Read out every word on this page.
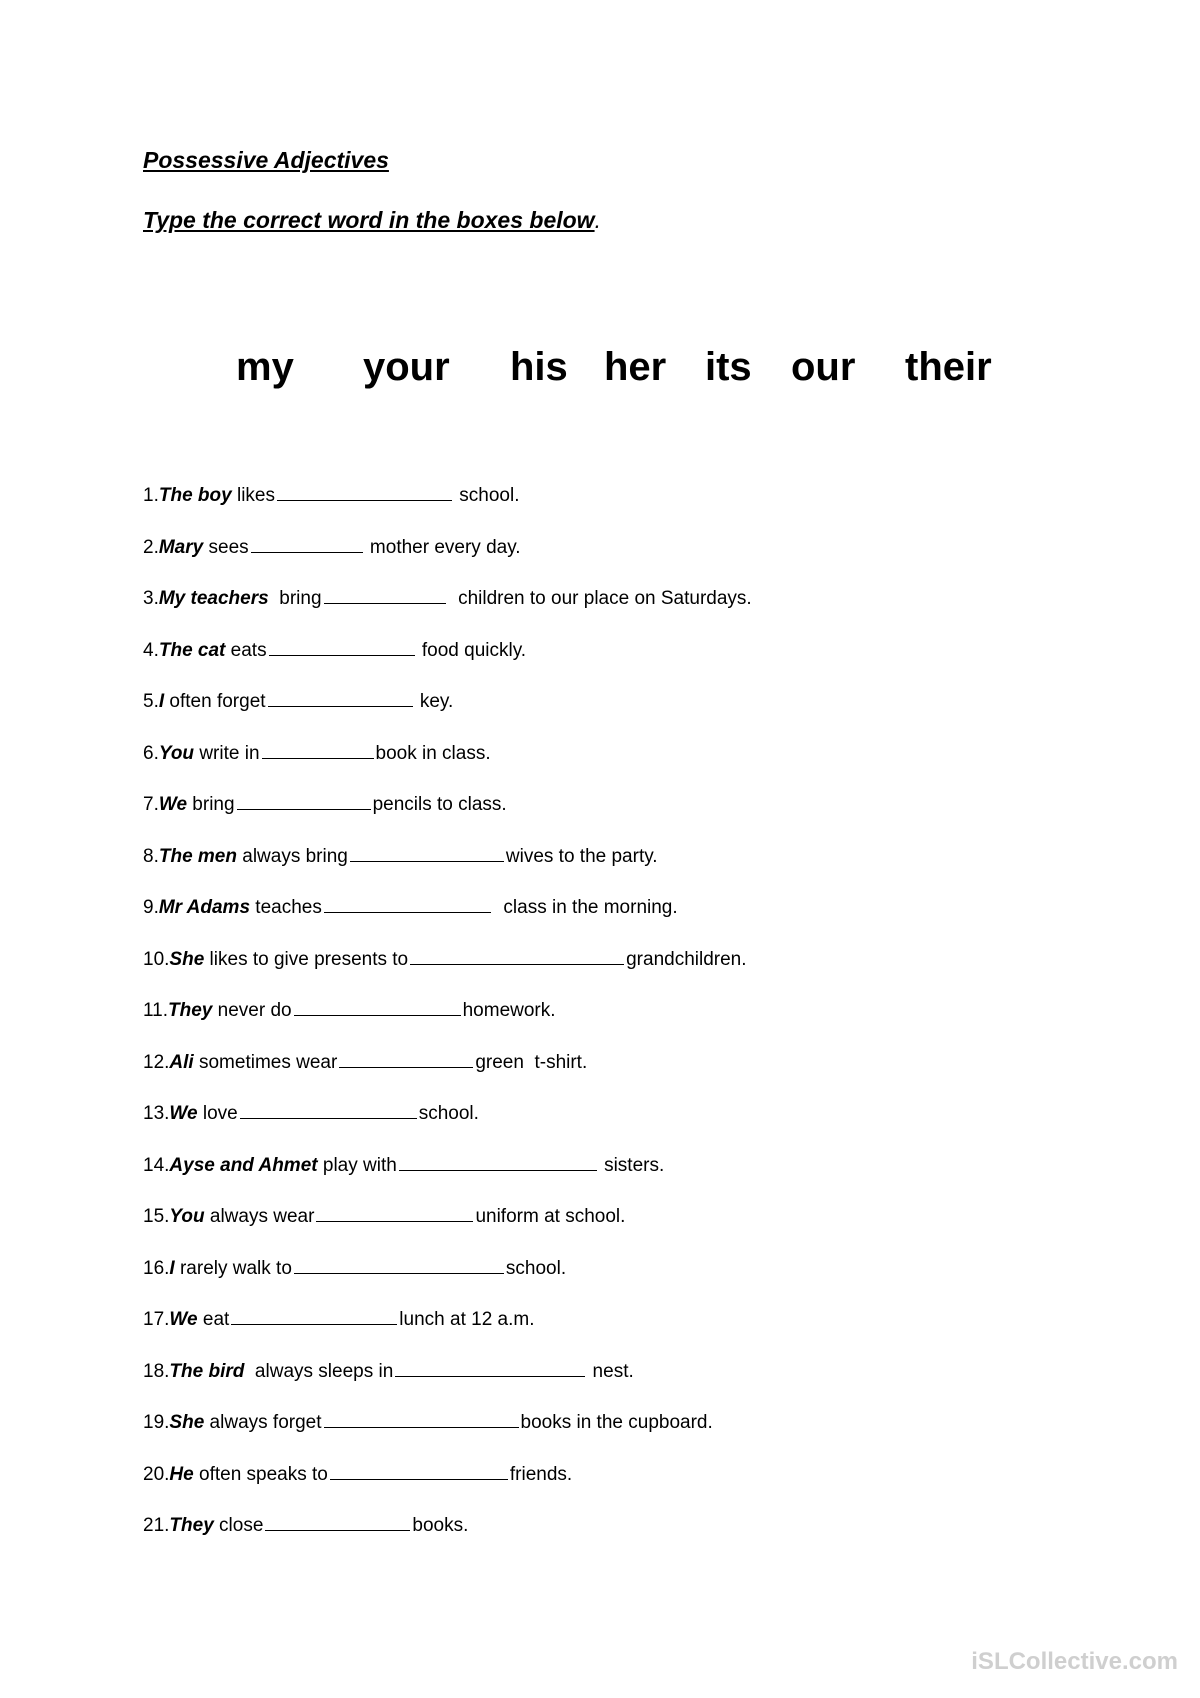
Possessive Adjectives

Type the correct word in the boxes below.

my your his her its our their
1.The boy likes	school.
2.Mary sees	mother every day.
3.My teachers  bring	children to our place on Saturdays.
4.The cat eats	food quickly.
5.I often forget	key.
6.You write in	book in class.
7.We bring	pencils to class.
8.The men always bring	wives to the party.
9.Mr Adams teaches	class in the morning.
10.She likes to give presents to	grandchildren.
11.They never do	homework.
12.Ali sometimes wear	green  t-shirt.
13.We love	school.
14.Ayse and Ahmet play with	sisters.
15.You always wear	uniform at school.
16.I rarely walk to	school.
17.We eat	lunch at 12 a.m.
18.The bird  always sleeps in	nest.
19.She always forget	books in the cupboard.
20.He often speaks to	friends.
21.They close	books.
iSLCollective.com
